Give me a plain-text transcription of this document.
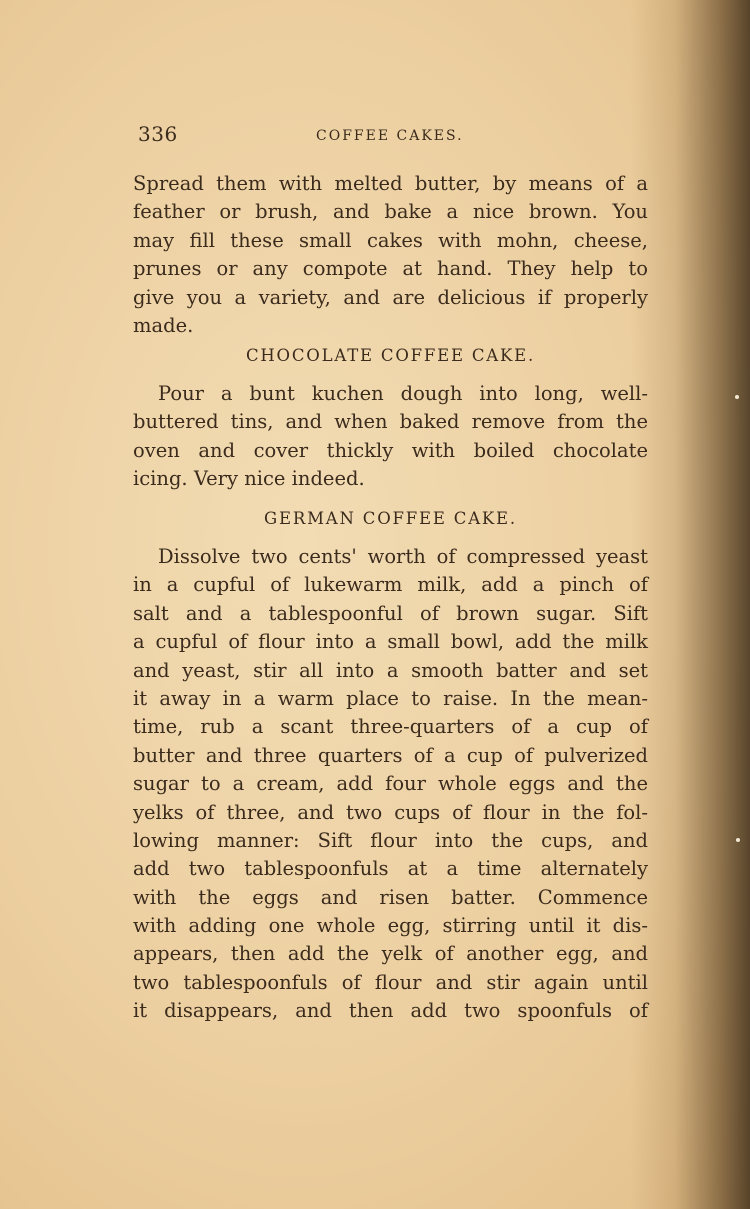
336	COFFEE CAKES.
Spread them with melted butter, by means of a
feather or brush, and bake a nice brown. You
may fill these small cakes with mohn, cheese,
prunes or any compote at hand. They help to
give you a variety, and are delicious if properly
made.
CHOCOLATE COFFEE CAKE.
Pour a bunt kuchen dough into long, well-
buttered tins, and when baked remove from the
oven and cover thickly with boiled chocolate
icing. Very nice indeed.
GERMAN COFFEE CAKE.
Dissolve two cents' worth of compressed yeast
in a cupful of lukewarm milk, add a pinch of
salt and a tablespoonful of brown sugar. Sift
a cupful of flour into a small bowl, add the milk
and yeast, stir all into a smooth batter and set
it away in a warm place to raise. In the mean-
time, rub a scant three-quarters of a cup of
butter and three quarters of a cup of pulverized
sugar to a cream, add four whole eggs and the
yelks of three, and two cups of flour in the fol-
lowing manner: Sift flour into the cups, and
add two tablespoonfuls at a time alternately
with the eggs and risen batter. Commence
with adding one whole egg, stirring until it dis-
appears, then add the yelk of another egg, and
two tablespoonfuls of flour and stir again until
it disappears, and then add two spoonfuls of
